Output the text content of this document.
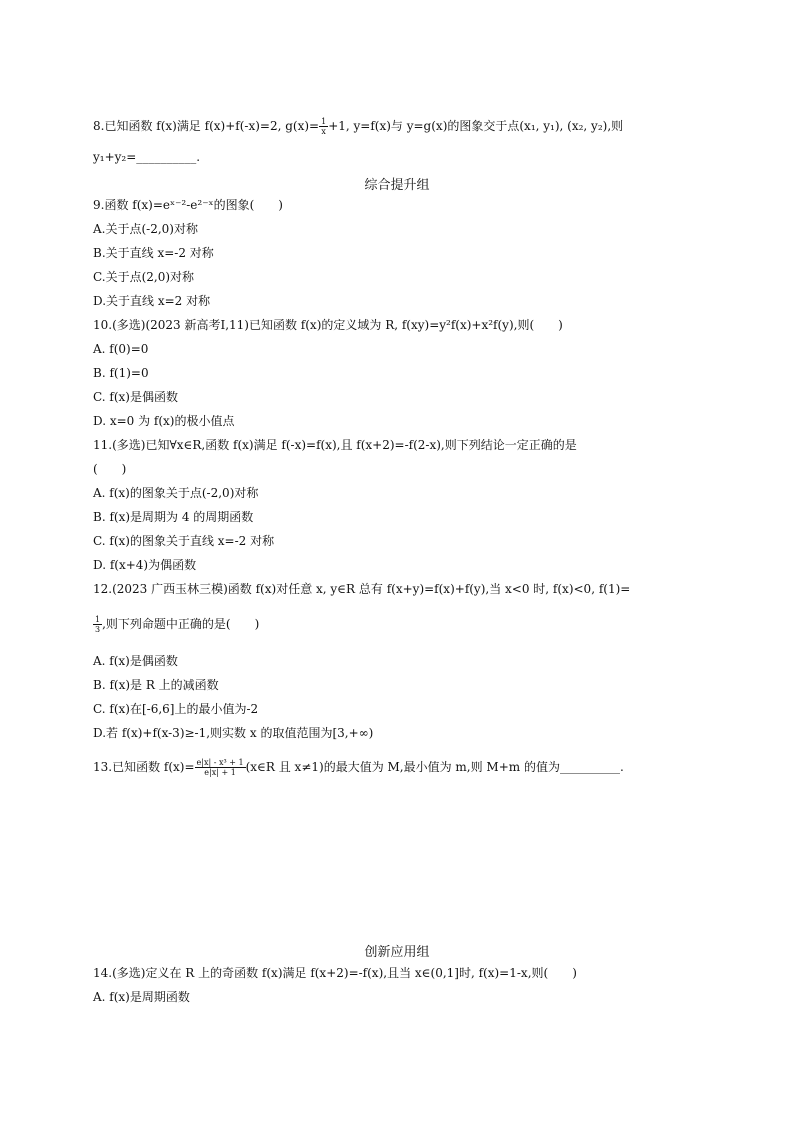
8.已知函数 f(x)满足 f(x)+f(-x)=2, $g(x)= \frac{1}{x} +1$, y=f(x)与 y=g(x)的图象交于点(x₁, y₁), (x₂, y₂),则
y₁+y₂=__________.
综合提升组
9.函数 f(x)=eˣ⁻²-e²⁻ˣ的图象(　　)
A.关于点(-2,0)对称
B.关于直线 x=-2 对称
C.关于点(2,0)对称
D.关于直线 x=2 对称
10.(多选)(2023 新高考Ⅰ,11)已知函数 f(x)的定义域为 R, f(xy)=y²f(x)+x²f(y),则(　　)
A. f(0)=0
B. f(1)=0
C. f(x)是偶函数
D. x=0 为 f(x)的极小值点
11.(多选)已知∀x∈R,函数 f(x)满足 f(-x)=f(x),且 f(x+2)=-f(2-x),则下列结论一定正确的是
(　　)
A. f(x)的图象关于点(-2,0)对称
B. f(x)是周期为 4 的周期函数
C. f(x)的图象关于直线 x=-2 对称
D. f(x+4)为偶函数
12.(2023 广西玉林三模)函数 f(x)对任意 x, y∈R 总有 f(x+y)=f(x)+f(y),当 x<0 时, f(x)<0, f(1)=
$\frac{1}{3}$ ,则下列命题中正确的是(　　)
A. f(x)是偶函数
B. f(x)是 R 上的减函数
C. f(x)在[-6,6]上的最小值为-2
D.若 f(x)+f(x-3)≥-1,则实数 x 的取值范围为[3,+∞)
13.已知函数 $f(x)= \frac{\text{e|x| - x³ + 1}}{e|x| + 1}$ (x∈R 且 x≠1)的最大值为 M,最小值为 m,则 M+m 的值为__________.
创新应用组
14.(多选)定义在 R 上的奇函数 f(x)满足 f(x+2)=-f(x),且当 x∈(0,1]时, f(x)=1-x,则(　　)
A. f(x)是周期函数
